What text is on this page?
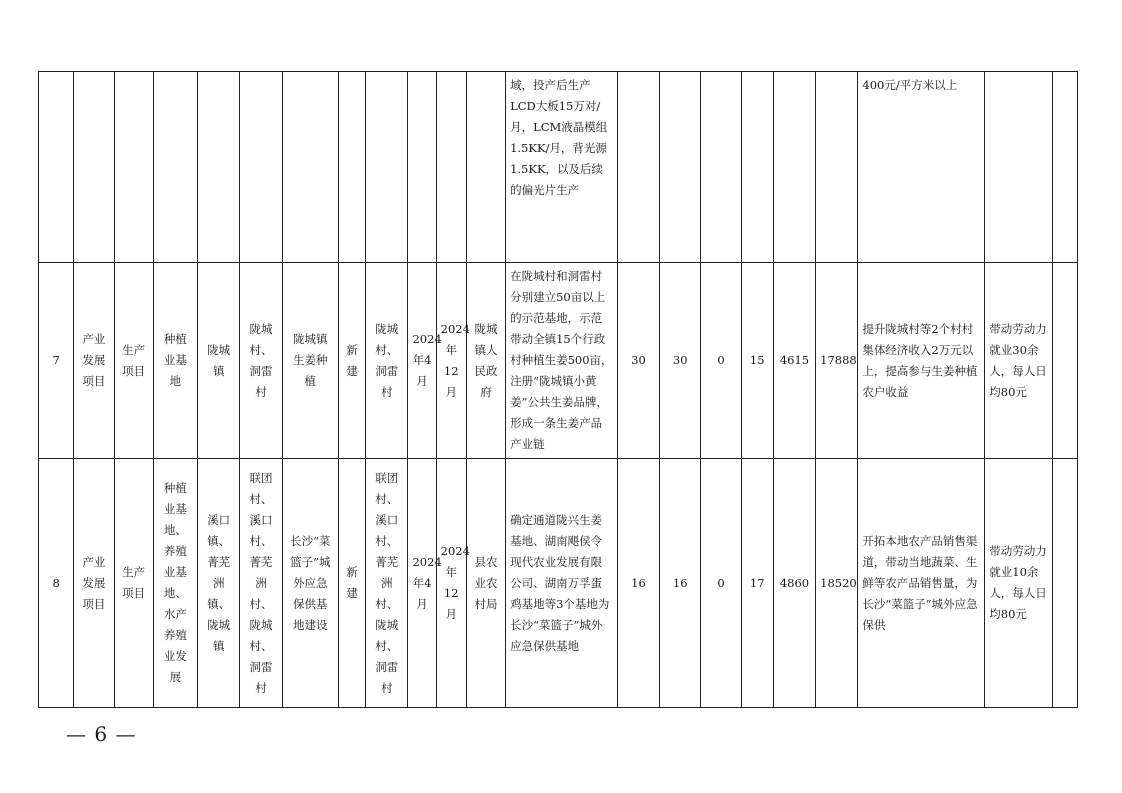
												域，投产后生产LCD大板15万对/月，LCM液晶模组1.5KK/月，背光源1.5KK，以及后续的偏光片生产							400元/平方米以上		
7	产业发展项目	生产项目	种植业基地	陇城镇	陇城村、洞雷村	陇城镇生姜种植	新建	陇城村、洞雷村	2024年4月	2024年12月	陇城镇人民政府	在陇城村和洞雷村分别建立50亩以上的示范基地，示范带动全镇15个行政村种植生姜500亩，注册“陇城镇小黄姜”公共生姜品牌，形成一条生姜产品产业链	30	30	0	15	4615	17888	提升陇城村等2个村村集体经济收入2万元以上，提高参与生姜种植农户收益	带动劳动力就业30余人，每人日均80元	
8	产业发展项目	生产项目	种植业基地、养殖业基地、水产养殖业发展	溪口镇、菁芜洲镇、陇城镇	联团村、溪口村、菁芜洲村、陇城村、洞雷村	长沙“菜篮子”城外应急保供基地建设	新建	联团村、溪口村、菁芜洲村、陇城村、洞雷村	2024年4月	2024年12月	县农业农村局	确定通道陇兴生姜基地、湖南飓侯令现代农业发展有限公司、湖南万孚蛋鸡基地等3个基地为长沙“菜篮子”城外应急保供基地	16	16	0	17	4860	18520	开拓本地农产品销售渠道，带动当地蔬菜、生鲜等农产品销售量，为长沙“菜篮子”城外应急保供	带动劳动力就业10余人，每人日均80元	
— 6 —
